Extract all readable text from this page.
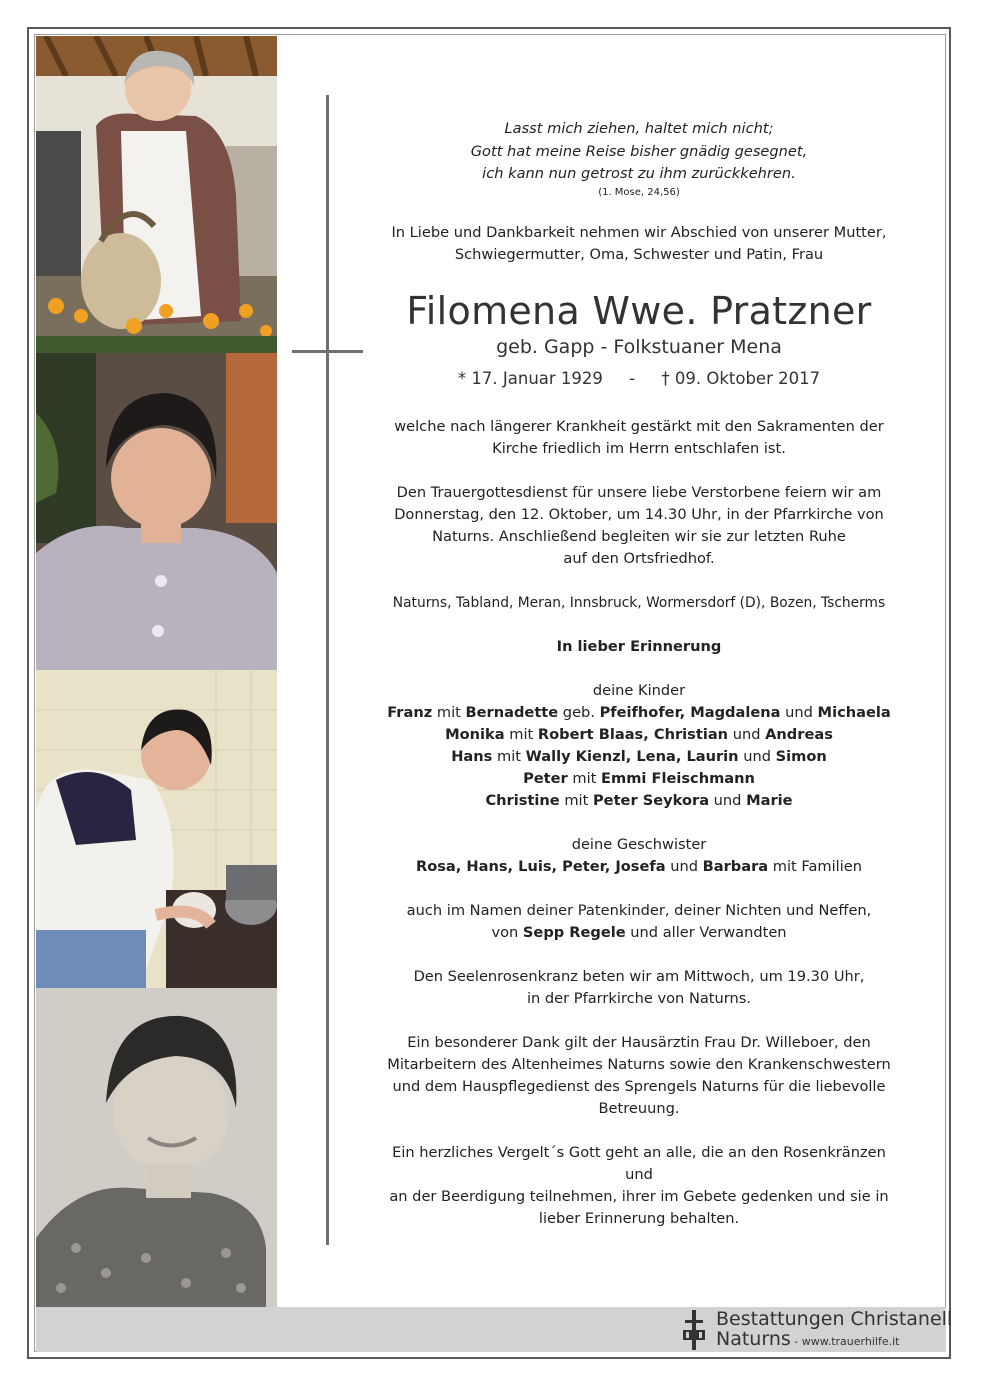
Lasst mich ziehen, haltet mich nicht;

Gott hat meine Reise bisher gnädig gesegnet,

ich kann nun getrost zu ihm zurückkehren.

(1. Mose, 24,56)

In Liebe und Dankbarkeit nehmen wir Abschied von unserer Mutter,

Schwiegermutter, Oma, Schwester und Patin, Frau

Filomena Wwe. Pratzner

geb. Gapp - Folkstuaner Mena

* 17. Januar 1929 - † 09. Oktober 2017

welche nach längerer Krankheit gestärkt mit den Sakramenten der

Kirche friedlich im Herrn entschlafen ist.

Den Trauergottesdienst für unsere liebe Verstorbene feiern wir am

Donnerstag, den 12. Oktober, um 14.30 Uhr, in der Pfarrkirche von

Naturns. Anschließend begleiten wir sie zur letzten Ruhe

auf den Ortsfriedhof.

Naturns, Tabland, Meran, Innsbruck, Wormersdorf (D), Bozen, Tscherms

In lieber Erinnerung

deine Kinder

Franz mit Bernadette geb. Pfeifhofer, Magdalena und Michaela

Monika mit Robert Blaas, Christian und Andreas

Hans mit Wally Kienzl, Lena, Laurin und Simon

Peter mit Emmi Fleischmann

Christine mit Peter Seykora und Marie

deine Geschwister

Rosa, Hans, Luis, Peter, Josefa und Barbara mit Familien

auch im Namen deiner Patenkinder, deiner Nichten und Neffen,

von Sepp Regele und aller Verwandten

Den Seelenrosenkranz beten wir am Mittwoch, um 19.30 Uhr,

in der Pfarrkirche von Naturns.

Ein besonderer Dank gilt der Hausärztin Frau Dr. Willeboer, den

Mitarbeitern des Altenheimes Naturns sowie den Krankenschwestern

und dem Hauspflegedienst des Sprengels Naturns für die liebevolle

Betreuung.

Ein herzliches Vergelt´s Gott geht an alle, die an den Rosenkränzen und

an der Beerdigung teilnehmen, ihrer im Gebete gedenken und sie in

lieber Erinnerung behalten.

Bestattungen Christanell
Naturns - www.trauerhilfe.it
